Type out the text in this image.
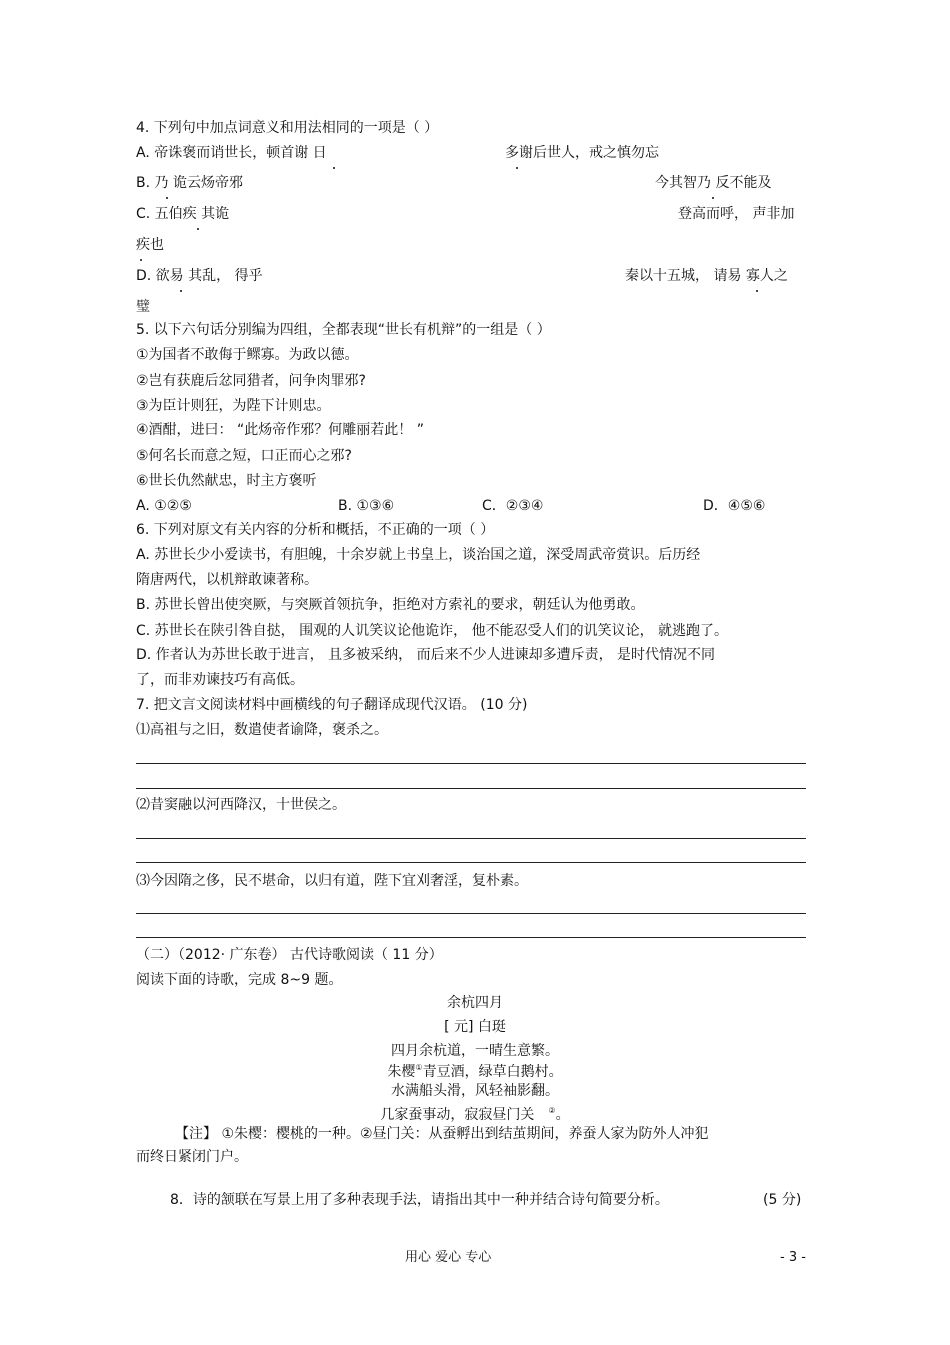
4. 下列句中加点词意义和用法相同的一项是（ ）
A. 帝诛褒而诮世长，顿首谢 日	多谢后世人，戒之慎勿忘
B. 乃 诡云炀帝邪	今其智乃 反不能及
C. 五伯疾 其诡	登高而呼， 声非加
疾也
D. 欲易 其乱， 得乎	秦以十五城， 请易 寡人之
璧
5. 以下六句话分别编为四组，全都表现“世长有机辩”的一组是（ ）
①为国者不敢侮于鳏寡。为政以德。
②岂有获鹿后忿同猎者，问争肉罪邪?
③为臣计则狂，为陛下计则忠。
④酒酣，进曰： “此炀帝作邪？何雕丽若此！ ”
⑤何名长而意之短，口正而心之邪?
⑥世长仇然献忠，时主方褒听
A. ①②⑤	B. ①③⑥	C．②③④	D．④⑤⑥
6. 下列对原文有关内容的分析和概括，不正确的一项（ ）
A. 苏世长少小爱读书，有胆魄，十余岁就上书皇上，谈治国之道，深受周武帝赏识。后历经
隋唐两代，以机辩敢谏著称。
B. 苏世长曾出使突厥，与突厥首领抗争，拒绝对方索礼的要求，朝廷认为他勇敢。
C. 苏世长在陕引咎自挞， 围观的人讥笑议论他诡诈， 他不能忍受人们的讥笑议论， 就逃跑了。
D. 作者认为苏世长敢于进言， 且多被采纳， 而后来不少人进谏却多遭斥责， 是时代情况不同
了，而非劝谏技巧有高低。
7. 把文言文阅读材料中画横线的句子翻译成现代汉语。 (10 分)
⑴高祖与之旧，数遣使者谕降，褒杀之。
⑵昔窦融以河西降汉，十世侯之。
⑶今因隋之侈，民不堪命，以归有道，陛下宜刈奢淫，复朴素。
（二）（2012· 广东卷） 古代诗歌阅读（ 11 分）
阅读下面的诗歌，完成 8~9 题。
余杭四月
[ 元] 白珽
四月余杭道，一晴生意繁。
朱樱①青豆酒，绿草白鹅村。
水满船头滑，风轻袖影翻。
几家蚕事动，寂寂昼门关 ②。
【注】 ①朱樱：樱桃的一种。②昼门关：从蚕孵出到结茧期间，养蚕人家为防外人冲犯
而终日紧闭门户。
8．诗的颔联在写景上用了多种表现手法，请指出其中一种并结合诗句简要分析。	(5 分)
用心 爱心 专心	- 3 -
